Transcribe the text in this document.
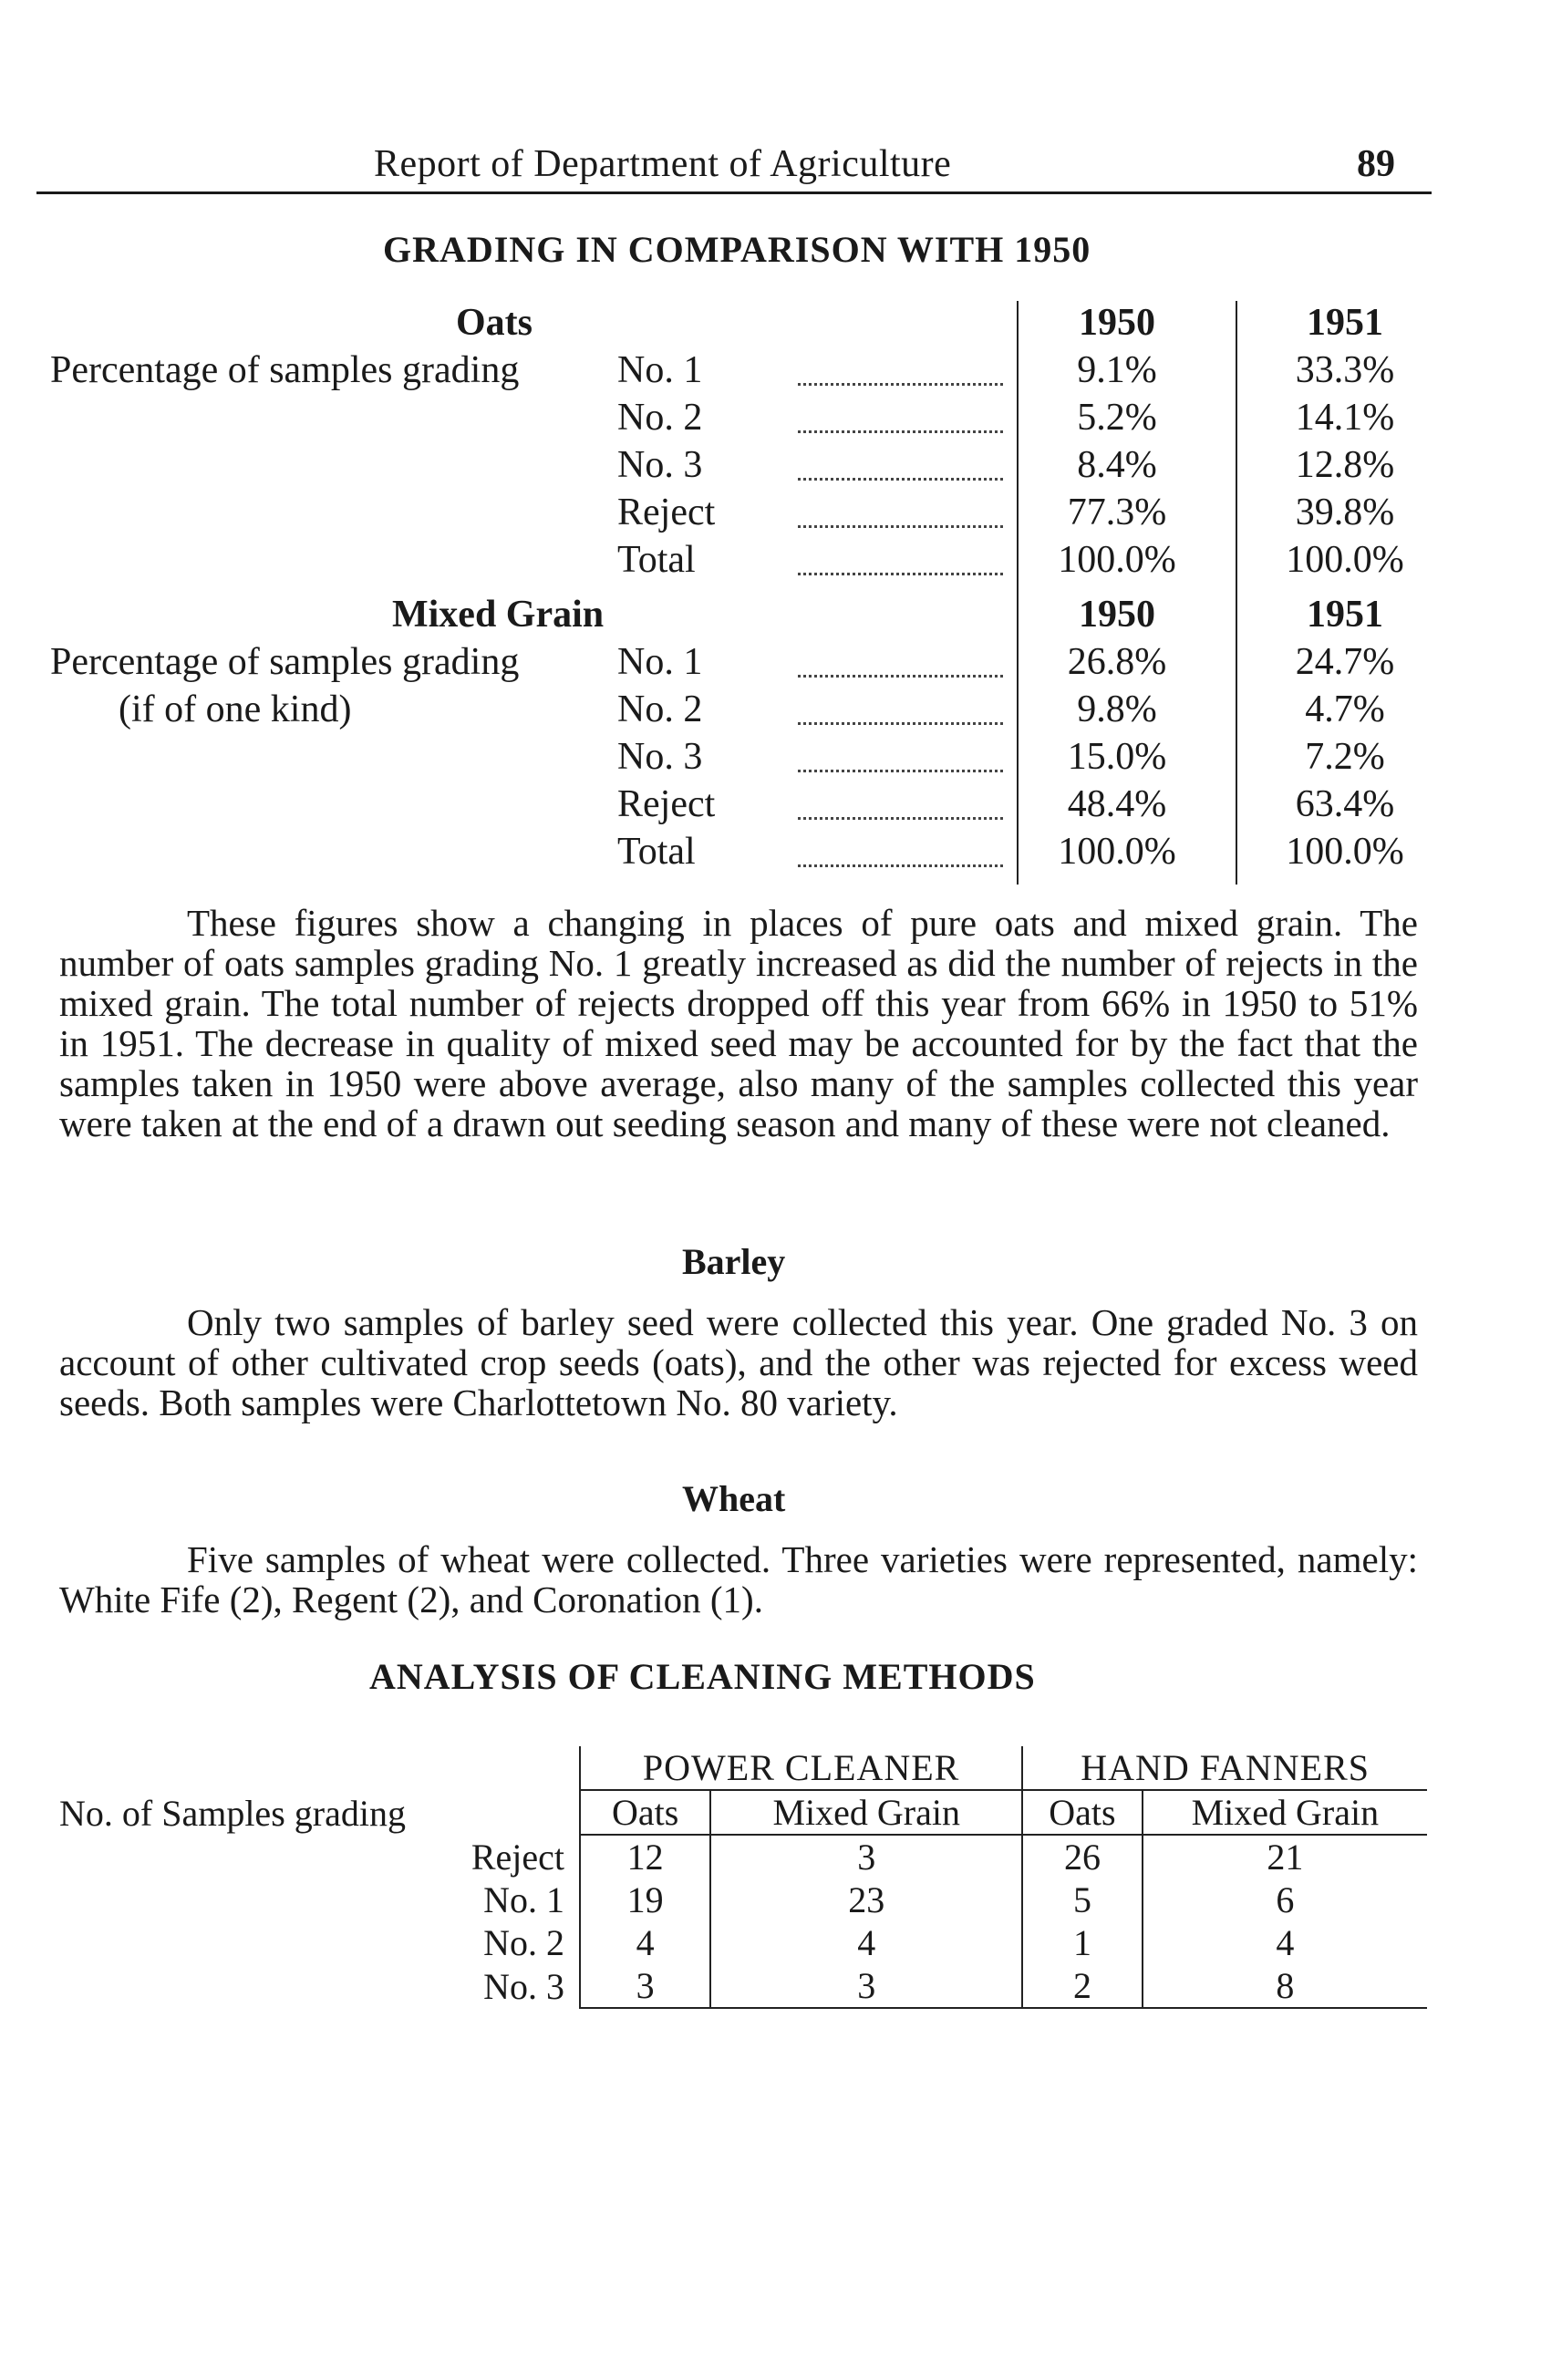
Report of Department of Agriculture	89
GRADING IN COMPARISON WITH 1950
Oats	1950	1951
Percentage of samples grading	No. 1	9.1%	33.3%
No. 2	5.2%	14.1%
No. 3	8.4%	12.8%
Reject	77.3%	39.8%
Total	100.0%	100.0%
Mixed Grain	1950	1951
Percentage of samples grading	No. 1	26.8%	24.7%
(if of one kind)	No. 2	9.8%	4.7%
No. 3	15.0%	7.2%
Reject	48.4%	63.4%
Total	100.0%	100.0%

These figures show a changing in places of pure oats and mixed grain. The number of oats samples grading No. 1 greatly increased as did the number of rejects in the mixed grain. The total number of rejects dropped off this year from 66% in 1950 to 51% in 1951. The decrease in quality of mixed seed may be accounted for by the fact that the samples taken in 1950 were above average, also many of the samples collected this year were taken at the end of a drawn out seeding season and many of these were not cleaned.

Barley

Only two samples of barley seed were collected this year. One graded No. 3 on account of other cultivated crop seeds (oats), and the other was rejected for excess weed seeds. Both samples were Charlottetown No. 80 variety.

Wheat

Five samples of wheat were collected. Three varieties were represented, namely: White Fife (2), Regent (2), and Coronation (1).

ANALYSIS OF CLEANING METHODS
	POWER CLEANER		HAND FANNERS	
No. of Samples grading	Oats	Mixed Grain	Oats	Mixed Grain
Reject	12	3	26	21
No. 1	19	23	5	6
No. 2	4	4	1	4
No. 3	3	3	2	8
